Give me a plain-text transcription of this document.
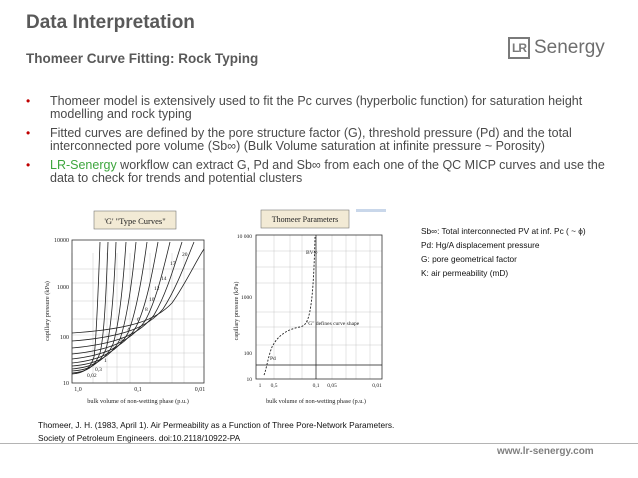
Data Interpretation
Thomeer Curve Fitting: Rock Typing
LR Senergy
•	Thomeer model is extensively used to fit the Pc curves (hyperbolic function) for saturation height modelling and rock typing
•	Fitted curves are defined by the pore structure factor (G), threshold pressure (Pd) and the total interconnected pore volume (Sb∞) (Bulk Volume saturation at infinite pressure ~ Porosity)
•	LR-Senergy workflow can extract G, Pd and Sb∞ from each one of the QC MICP curves and use the data to check for trends and potential clusters
'G' "Type Curves"
20
17
14
12
10
8
6
4
3
2
1
0,3
0,02
10000
1000
100
10
1,0	0,1	0,01
bulk volume of non-wetting phase (p.u.)
capillary pressure (kPa)
Thomeer Parameters
BV∞
"G" defines curve shape
Pd
10 000
1000
100
10
1 0,5	0,1 0,05	0,01
bulk volume of non-wetting phase (p.u.)
capillary pressure (kPa)
Sb∞: Total interconnected PV at inf. Pc ( ~ ϕ)
Pd: Hg/A displacement pressure
G: pore geometrical factor
K: air permeability (mD)
Thomeer, J. H. (1983, April 1). Air Permeability as a Function of Three Pore-Network Parameters.
Society of Petroleum Engineers. doi:10.2118/10922-PA
www.lr-senergy.com
